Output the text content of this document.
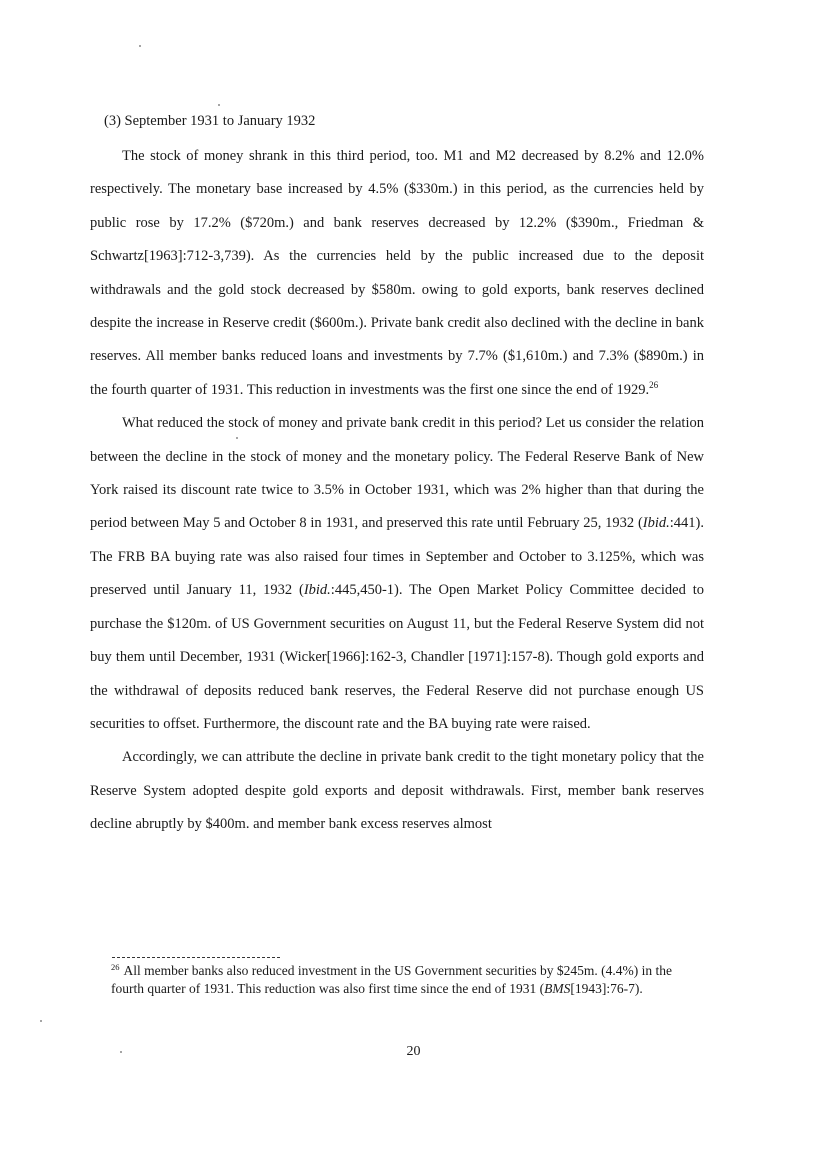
(3) September 1931 to January 1932

The stock of money shrank in this third period, too. M1 and M2 decreased by 8.2% and 12.0% respectively. The monetary base increased by 4.5% ($330m.) in this period, as the currencies held by public rose by 17.2% ($720m.) and bank reserves decreased by 12.2% ($390m., Friedman & Schwartz[1963]:712-3,739). As the currencies held by the public increased due to the deposit withdrawals and the gold stock decreased by $580m. owing to gold exports, bank reserves declined despite the increase in Reserve credit ($600m.). Private bank credit also declined with the decline in bank reserves. All member banks reduced loans and investments by 7.7% ($1,610m.) and 7.3% ($890m.) in the fourth quarter of 1931. This reduction in investments was the first one since the end of 1929.26

What reduced the stock of money and private bank credit in this period? Let us consider the relation between the decline in the stock of money and the monetary policy. The Federal Reserve Bank of New York raised its discount rate twice to 3.5% in October 1931, which was 2% higher than that during the period between May 5 and October 8 in 1931, and preserved this rate until February 25, 1932 (Ibid.:441). The FRB BA buying rate was also raised four times in September and October to 3.125%, which was preserved until January 11, 1932 (Ibid.:445,450-1). The Open Market Policy Committee decided to purchase the $120m. of US Government securities on August 11, but the Federal Reserve System did not buy them until December, 1931 (Wicker[1966]:162-3, Chandler [1971]:157-8). Though gold exports and the withdrawal of deposits reduced bank reserves, the Federal Reserve did not purchase enough US securities to offset. Furthermore, the discount rate and the BA buying rate were raised.

Accordingly, we can attribute the decline in private bank credit to the tight monetary policy that the Reserve System adopted despite gold exports and deposit withdrawals. First, member bank reserves decline abruptly by $400m. and member bank excess reserves almost

$^{26}$ All member banks also reduced investment in the US Government securities by $245m. (4.4%) in the fourth quarter of 1931. This reduction was also first time since the end of 1931 (BMS[1943]:76-7).
20
